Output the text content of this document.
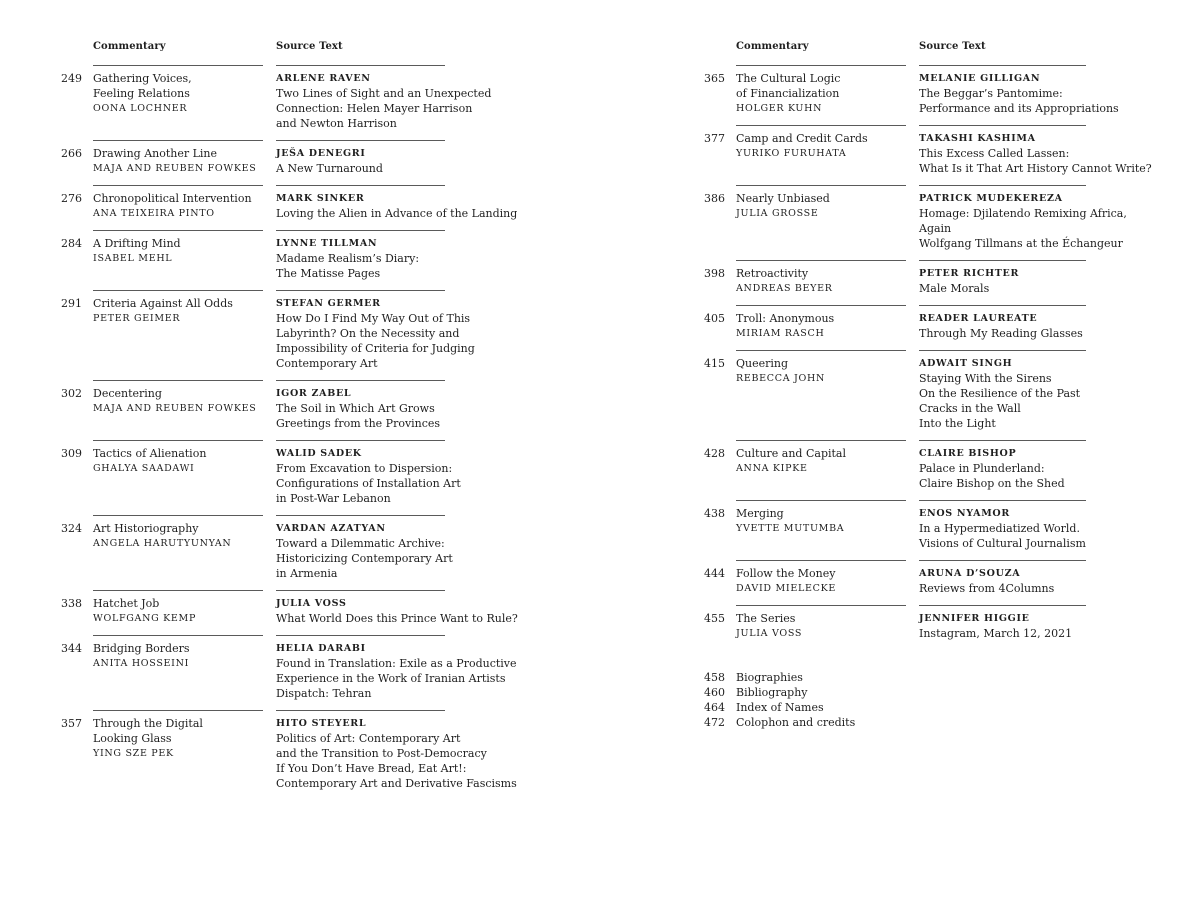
Commentary	Source Text
249 Gathering Voices,
Feeling Relations
OONA LOCHNER
ARLENE RAVEN
Two Lines of Sight and an Unexpected
Connection: Helen Mayer Harrison
and Newton Harrison
266 Drawing Another Line
MAJA AND REUBEN FOWKES
JEŠA DENEGRI
A New Turnaround
276 Chronopolitical Intervention
ANA TEIXEIRA PINTO
MARK SINKER
Loving the Alien in Advance of the Landing
284 A Drifting Mind
ISABEL MEHL
LYNNE TILLMAN
Madame Realism’s Diary:
The Matisse Pages
291 Criteria Against All Odds
PETER GEIMER
STEFAN GERMER
How Do I Find My Way Out of This
Labyrinth? On the Necessity and
Impossibility of Criteria for Judging
Contemporary Art
302 Decentering
MAJA AND REUBEN FOWKES
IGOR ZABEL
The Soil in Which Art Grows
Greetings from the Provinces
309 Tactics of Alienation
GHALYA SAADAWI
WALID SADEK
From Excavation to Dispersion:
Configurations of Installation Art
in Post-War Lebanon
324 Art Historiography
ANGELA HARUTYUNYAN
VARDAN AZATYAN
Toward a Dilemmatic Archive:
Historicizing Contemporary Art
in Armenia
338 Hatchet Job
WOLFGANG KEMP
JULIA VOSS
What World Does this Prince Want to Rule?
344 Bridging Borders
ANITA HOSSEINI
HELIA DARABI
Found in Translation: Exile as a Productive
Experience in the Work of Iranian Artists
Dispatch: Tehran
357 Through the Digital
Looking Glass
YING SZE PEK
HITO STEYERL
Politics of Art: Contemporary Art
and the Transition to Post-Democracy
If You Don’t Have Bread, Eat Art!:
Contemporary Art and Derivative Fascisms
Commentary	Source Text
365 The Cultural Logic
of Financialization
HOLGER KUHN
MELANIE GILLIGAN
The Beggar’s Pantomime:
Performance and its Appropriations
377 Camp and Credit Cards
YURIKO FURUHATA
TAKASHI KASHIMA
This Excess Called Lassen:
What Is it That Art History Cannot Write?
386 Nearly Unbiased
JULIA GROSSE
PATRICK MUDEKEREZA
Homage: Djilatendo Remixing Africa,
Again
Wolfgang Tillmans at the Échangeur
398 Retroactivity
ANDREAS BEYER
PETER RICHTER
Male Morals
405 Troll: Anonymous
MIRIAM RASCH
READER LAUREATE
Through My Reading Glasses
415 Queering
REBECCA JOHN
ADWAIT SINGH
Staying With the Sirens
On the Resilience of the Past
Cracks in the Wall
Into the Light
428 Culture and Capital
ANNA KIPKE
CLAIRE BISHOP
Palace in Plunderland:
Claire Bishop on the Shed
438 Merging
YVETTE MUTUMBA
ENOS NYAMOR
In a Hypermediatized World.
Visions of Cultural Journalism
444 Follow the Money
DAVID MIELECKE
ARUNA D’SOUZA
Reviews from 4Columns
455 The Series
JULIA VOSS
JENNIFER HIGGIE
Instagram, March 12, 2021
458 Biographies
460 Bibliography
464 Index of Names
472 Colophon and credits
